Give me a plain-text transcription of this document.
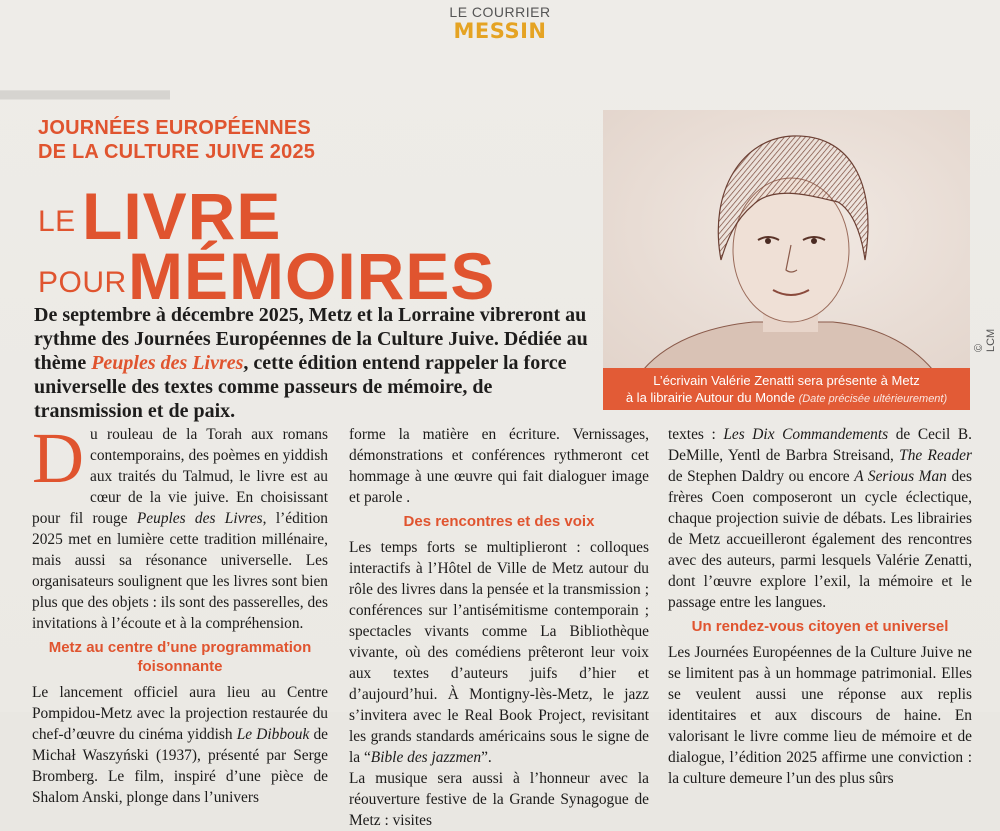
▀▀▀▀▀▀▀▀▀▀▀▀▀▀▀▀
LE COURRIER
MESSIN
JOURNÉES EUROPÉENNES
DE LA CULTURE JUIVE 2025
LE LIVRE
POUR MÉMOIRES
De septembre à décembre 2025, Metz et la Lorraine vibreront au rythme des Journées Européennes de la Culture Juive. Dédiée au thème Peuples des Livres, cette édition entend rappeler la force universelle des textes comme passeurs de mémoire, de transmission et de paix.
© LCM
L’écrivain Valérie Zenatti sera présente à Metz
à la librairie Autour du Monde (Date précisée ultérieurement)

Du rouleau de la Torah aux romans contemporains, des poèmes en yiddish aux traités du Talmud, le livre est au cœur de la vie juive. En choisissant pour fil rouge Peuples des Livres, l’édition 2025 met en lumière cette tradition millénaire, mais aussi sa résonance universelle. Les organisateurs soulignent que les livres sont bien plus que des objets : ils sont des passerelles, des invitations à l’écoute et à la compréhension.

Metz au centre d’une programmation foisonnante

Le lancement officiel aura lieu au Centre Pompidou-Metz avec la projection restaurée du chef-d’œuvre du cinéma yiddish Le Dibbouk de Michał Waszyński (1937), présenté par Serge Bromberg. Le film, inspiré d’une pièce de Shalom Anski, plonge dans l’univers

forme la matière en écriture. Vernissages, démonstrations et conférences rythmeront cet hommage à une œuvre qui fait dialoguer image et parole .

Des rencontres et des voix

Les temps forts se multiplieront : colloques interactifs à l’Hôtel de Ville de Metz autour du rôle des livres dans la pensée et la transmission ; conférences sur l’antisémitisme contemporain ; spectacles vivants comme La Bibliothèque vivante, où des comédiens prêteront leur voix aux textes d’auteurs juifs d’hier et d’aujourd’hui. À Montigny-lès-Metz, le jazz s’invitera avec le Real Book Project, revisitant les grands standards américains sous le signe de la “Bible des jazzmen”.

La musique sera aussi à l’honneur avec la réouverture festive de la Grande Synagogue de Metz : visites

textes : Les Dix Commandements de Cecil B. DeMille, Yentl de Barbra Streisand, The Reader de Stephen Daldry ou encore A Serious Man des frères Coen composeront un cycle éclectique, chaque projection suivie de débats. Les librairies de Metz accueilleront également des rencontres avec des auteurs, parmi lesquels Valérie Zenatti, dont l’œuvre explore l’exil, la mémoire et le passage entre les langues.

Un rendez-vous citoyen et universel

Les Journées Européennes de la Culture Juive ne se limitent pas à un hommage patrimonial. Elles se veulent aussi une réponse aux replis identitaires et aux discours de haine. En valorisant le livre comme lieu de mémoire et de dialogue, l’édition 2025 affirme une conviction : la culture demeure l’un des plus sûrs
